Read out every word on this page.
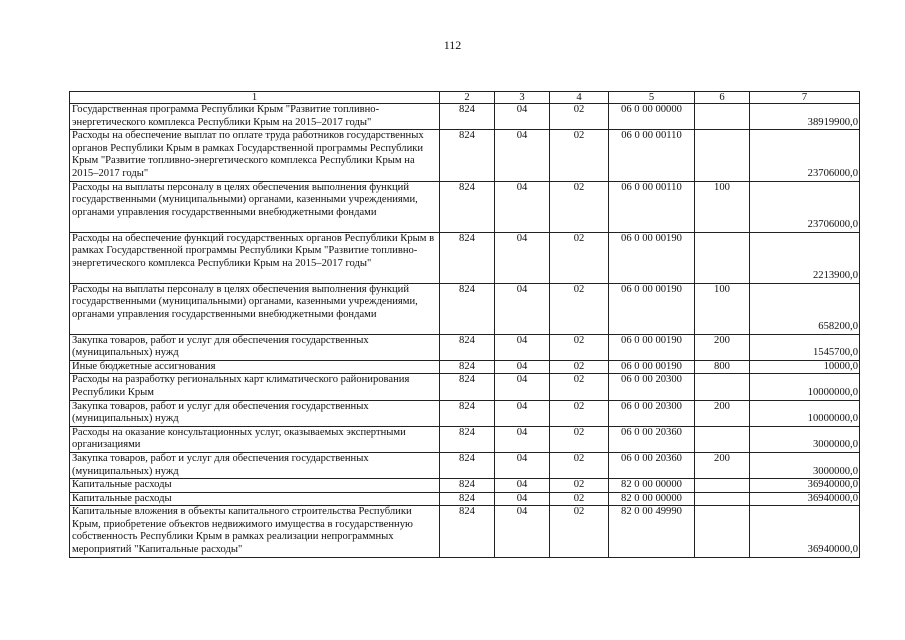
112
1	2	3	4	5	6	7
Государственная программа Республики Крым "Развитие топливно-энергетического комплекса Республики Крым на 2015–2017 годы"	824	04	02	06 0 00 00000		38919900,0
Расходы на обеспечение выплат по оплате труда работников государственных органов Республики Крым в рамках Государственной программы Республики Крым "Развитие топливно-энергетического комплекса Республики Крым на 2015–2017 годы"	824	04	02	06 0 00 00110		23706000,0
Расходы на выплаты персоналу в целях обеспечения выполнения функций государственными (муниципальными) органами, казенными учреждениями, органами управления государственными внебюджетными фондами	824	04	02	06 0 00 00110	100	23706000,0
Расходы на обеспечение функций государственных органов Республики Крым в рамках Государственной программы Республики Крым "Развитие топливно-энергетического комплекса Республики Крым на 2015–2017 годы"	824	04	02	06 0 00 00190		2213900,0
Расходы на выплаты персоналу в целях обеспечения выполнения функций государственными (муниципальными) органами, казенными учреждениями, органами управления государственными внебюджетными фондами	824	04	02	06 0 00 00190	100	658200,0
Закупка товаров, работ и услуг для обеспечения государственных (муниципальных) нужд	824	04	02	06 0 00 00190	200	1545700,0
Иные бюджетные ассигнования	824	04	02	06 0 00 00190	800	10000,0
Расходы на разработку региональных карт климатического районирования Республики Крым	824	04	02	06 0 00 20300		10000000,0
Закупка товаров, работ и услуг для обеспечения государственных (муниципальных) нужд	824	04	02	06 0 00 20300	200	10000000,0
Расходы на оказание консультационных услуг, оказываемых экспертными организациями	824	04	02	06 0 00 20360		3000000,0
Закупка товаров, работ и услуг для обеспечения государственных (муниципальных) нужд	824	04	02	06 0 00 20360	200	3000000,0
Капитальные расходы	824	04	02	82 0 00 00000		36940000,0
Капитальные расходы	824	04	02	82 0 00 00000		36940000,0
Капитальные вложения в объекты капитального строительства Республики Крым, приобретение объектов недвижимого имущества в государственную собственность Республики Крым в рамках реализации непрограммных мероприятий "Капитальные расходы"	824	04	02	82 0 00 49990		36940000,0
